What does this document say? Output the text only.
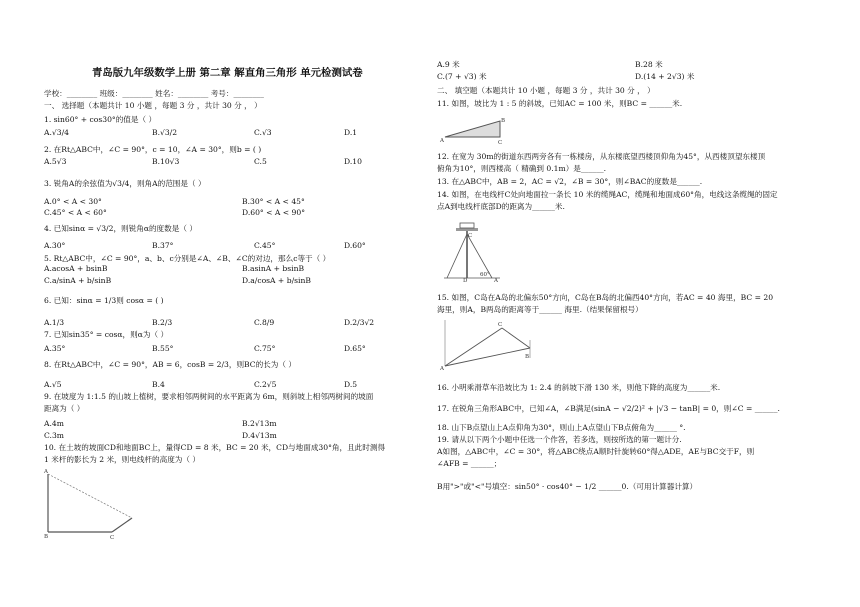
青岛版九年级数学上册 第二章 解直角三角形 单元检测试卷
学校：________ 班级：________ 姓名：________ 考号：________
一、 选择题（本题共计 10 小题 ，每题 3 分 ，共计 30 分 ， ）
1. sin60° + cos30°的值是（ ）
A.√3/4	B.√3/2	C.√3	D.1
2. 在Rt△ABC中，∠C = 90°，c = 10，∠A = 30°，则b = ( )
A.5√3	B.10√3	C.5	D.10
3. 锐角A的余弦值为√3/4，则角A的范围是（ ）
A.0° < A < 30°	B.30° < A < 45°
C.45° < A < 60°	D.60° < A < 90°
4. 已知sinα = √3/2，则锐角α的度数是（ ）
A.30°	B.37°	C.45°	D.60°
5. Rt△ABC中，∠C = 90°，a、b、c分别是∠A、∠B、∠C的对边，那么c等于（ ）
A.acosA + bsinB	B.asinA + bsinB
C.a/sinA + b/sinB	D.a/cosA + b/sinB
6. 已知：sinα = 1/3则 cosα = ( )
A.1/3	B.2/3	C.8/9	D.2/3√2
7. 已知sin35° = cosα，则α为（ ）
A.35°	B.55°	C.75°	D.65°
8. 在Rt△ABC中，∠C = 90°，AB = 6，cosB = 2/3，则BC的长为（ ）
A.√5	B.4	C.2√5	D.5
9. 在坡度为 1:1.5 的山坡上植树，要求相邻两树间的水平距离为 6m，则斜坡上相邻两树间的坡面
距离为（ ）
A.4m	B.2√13m
C.3m	D.4√13m
10. 在土坡的坡面CD和地面BC上，量得CD = 8 米，BC = 20 米，CD与地面成30°角，且此时测得
1 米杆的影长为 2 米，则电线杆的高度为（ ）
A.9 米	B.28 米
C.(7 + √3) 米	D.(14 + 2√3) 米
11. 如图，坡比为 1 : 5 的斜坡，已知AC = 100 米，则BC = ______米.
12. 在宽为 30m的街道东西两旁各有一栋楼房，从东楼底望西楼顶仰角为45°，从西楼顶望东楼顶
俯角为10°，则西楼高（ 精确到 0.1m）是______.
13. 在△ABC中，AB = 2，AC = √2，∠B = 30°，则∠BAC的度数是______.
14. 如图，在电线杆C处向地面拉一条长 10 米的缆绳AC，缆绳和地面成60°角，电线这条缆绳的固定
点A到电线杆底部D的距离为______米.
15. 如图，C岛在A岛的北偏东50°方向，C岛在B岛的北偏西40°方向，若AC = 40 海里，BC = 20
海里，则A，B两岛的距离等于______ 海里.（结果保留根号）
16. 小明乘滑草车沿坡比为 1: 2.4 的斜坡下滑 130 米，则他下降的高度为______米.
17. 在锐角三角形ABC中，已知∠A，∠B满足(sinA − √2/2)² + |√3 − tanB| = 0，则∠C = ______.
18. 山下B点望山上A点仰角为30°，则山上A点望山下B点俯角为______ °.
19. 请从以下两个小题中任选一个作答，若多选，则按所选的第一题计分.
A如图，△ABC中，∠C = 30°，将△ABC绕点A顺时针旋转60°得△ADE，AE与BC交于F，则
∠AFB = ______；
B用">"或"<"号填空：sin50° · cos40° − 1/2 ______0.（可用计算器计算）
二、 填空题（本题共计 10 小题 ，每题 3 分 ，共计 30 分 ， ）
A
B	C
A
B
C
C
A
D
60°
A
B
C
